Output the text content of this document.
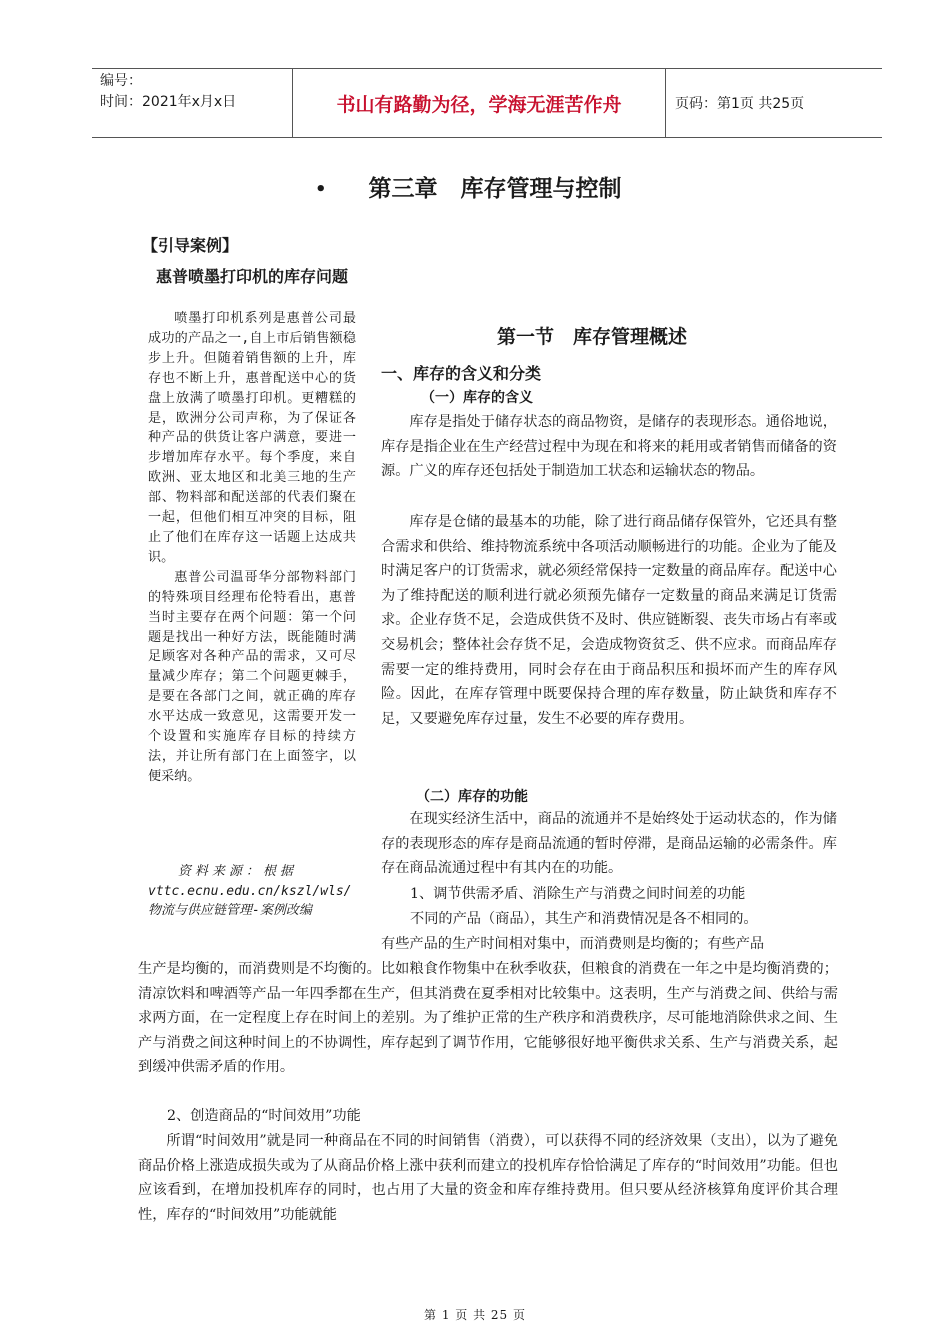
编号：
时间：2021年x月x日	书山有路勤为径，学海无涯苦作舟	页码：第1页 共25页
• 第三章　库存管理与控制
【引导案例】
惠普喷墨打印机的库存问题

喷墨打印机系列是惠普公司最成功的产品之一,自上市后销售额稳步上升。但随着销售额的上升，库存也不断上升，惠普配送中心的货盘上放满了喷墨打印机。更糟糕的是，欧洲分公司声称，为了保证各种产品的供货让客户满意，要进一步增加库存水平。每个季度，来自欧洲、亚太地区和北美三地的生产部、物料部和配送部的代表们聚在一起，但他们相互冲突的目标，阻止了他们在库存这一话题上达成共识。

惠普公司温哥华分部物料部门的特殊项目经理布伦特看出，惠普当时主要存在两个问题：第一个问题是找出一种好方法，既能随时满足顾客对各种产品的需求，又可尽量减少库存；第二个问题更棘手，是要在各部门之间，就正确的库存水平达成一致意见，这需要开发一个设置和实施库存目标的持续方法，并让所有部门在上面签字，以便采纳。

资料来源：根据 vttc.ecnu.edu.cn/kszl/wls/物流与供应链管理-案例改编
第一节　库存管理概述
一、库存的含义和分类
（一）库存的含义

库存是指处于储存状态的商品物资，是储存的表现形态。通俗地说，库存是指企业在生产经营过程中为现在和将来的耗用或者销售而储备的资源。广义的库存还包括处于制造加工状态和运输状态的物品。

库存是仓储的最基本的功能，除了进行商品储存保管外，它还具有整合需求和供给、维持物流系统中各项活动顺畅进行的功能。企业为了能及时满足客户的订货需求，就必须经常保持一定数量的商品库存。配送中心为了维持配送的顺利进行就必须预先储存一定数量的商品来满足订货需求。企业存货不足，会造成供货不及时、供应链断裂、丧失市场占有率或交易机会；整体社会存货不足，会造成物资贫乏、供不应求。而商品库存需要一定的维持费用，同时会存在由于商品积压和损坏而产生的库存风险。因此，在库存管理中既要保持合理的库存数量，防止缺货和库存不足，又要避免库存过量，发生不必要的库存费用。

（二）库存的功能

在现实经济生活中，商品的流通并不是始终处于运动状态的，作为储存的表现形态的库存是商品流通的暂时停滞，是商品运输的必需条件。库存在商品流通过程中有其内在的功能。

1、调节供需矛盾、消除生产与消费之间时间差的功能
不同的产品（商品），其生产和消费情况是各不相同的。
有些产品的生产时间相对集中，而消费则是均衡的；有些产品

生产是均衡的，而消费则是不均衡的。比如粮食作物集中在秋季收获，但粮食的消费在一年之中是均衡消费的；清凉饮料和啤酒等产品一年四季都在生产，但其消费在夏季相对比较集中。这表明，生产与消费之间、供给与需求两方面，在一定程度上存在时间上的差别。为了维护正常的生产秩序和消费秩序，尽可能地消除供求之间、生产与消费之间这种时间上的不协调性，库存起到了调节作用，它能够很好地平衡供求关系、生产与消费关系，起到缓冲供需矛盾的作用。

2、创造商品的“时间效用”功能

所谓“时间效用”就是同一种商品在不同的时间销售（消费），可以获得不同的经济效果（支出），以为了避免商品价格上涨造成损失或为了从商品价格上涨中获利而建立的投机库存恰恰满足了库存的“时间效用”功能。但也应该看到，在增加投机库存的同时，也占用了大量的资金和库存维持费用。但只要从经济核算角度评价其合理性，库存的“时间效用”功能就能

第 1 页 共 25 页
